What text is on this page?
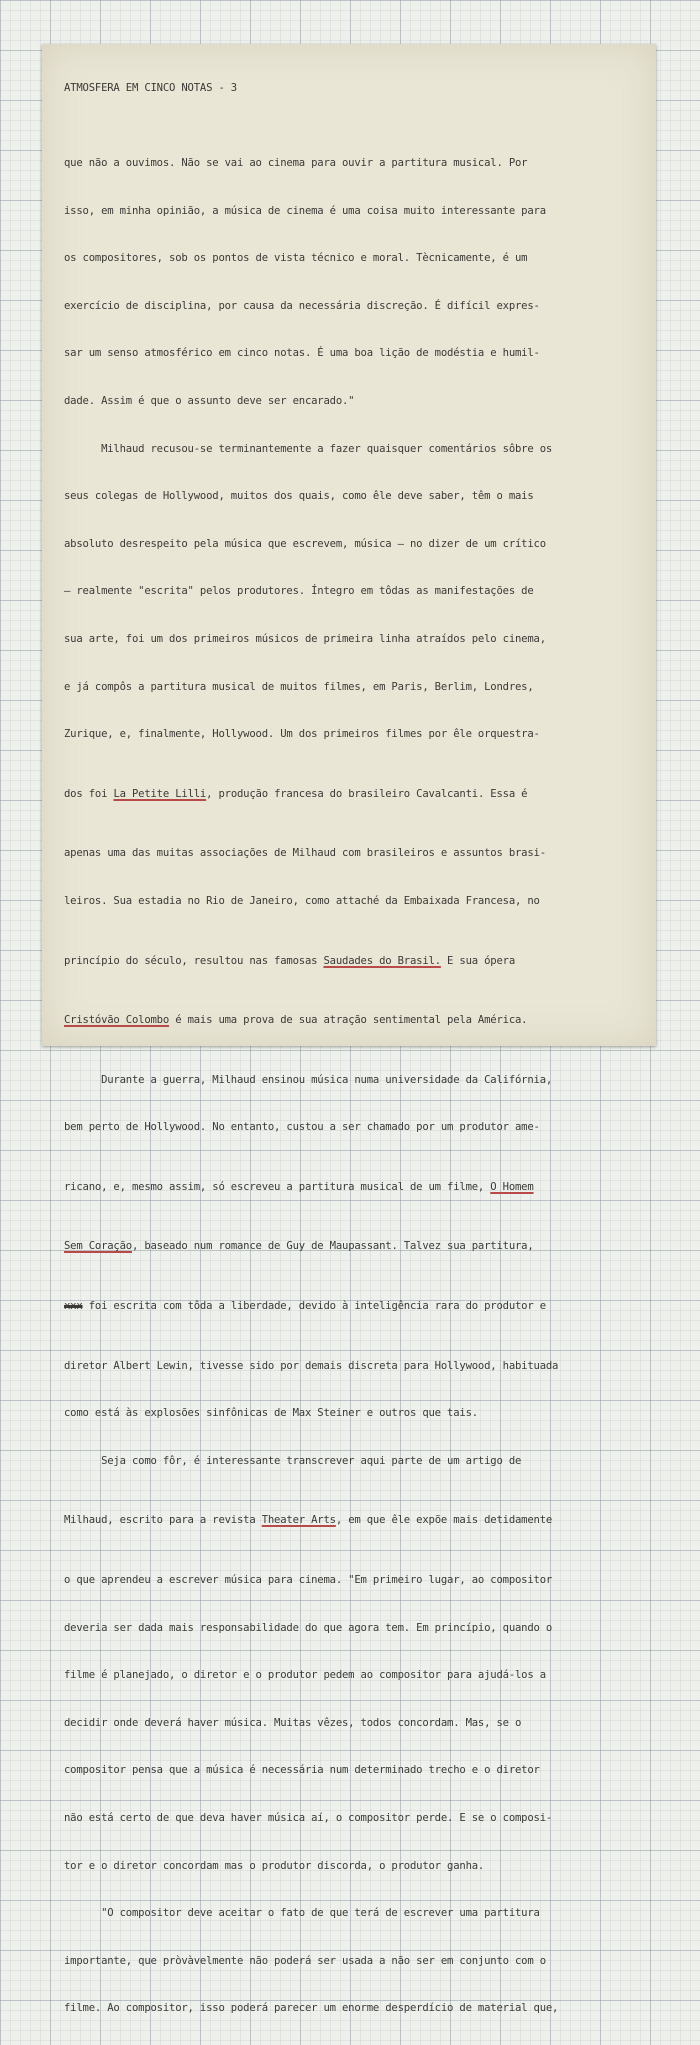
ATMOSFERA EM CINCO NOTAS - 3

que não a ouvimos. Não se vai ao cinema para ouvir a partitura musical. Por

isso, em minha opinião, a música de cinema é uma coisa muito interessante para

os compositores, sob os pontos de vista técnico e moral. Tècnicamente, é um

exercício de disciplina, por causa da necessária discreção. É difícil expres-

sar um senso atmosférico em cinco notas. É uma boa lição de modéstia e humil-

dade. Assim é que o assunto deve ser encarado."

Milhaud recusou-se terminantemente a fazer quaisquer comentários sôbre os

seus colegas de Hollywood, muitos dos quais, como êle deve saber, têm o mais

absoluto desrespeito pela música que escrevem, música — no dizer de um crítico

— realmente "escrita" pelos produtores. Íntegro em tôdas as manifestações de

sua arte, foi um dos primeiros músicos de primeira linha atraídos pelo cinema,

e já compôs a partitura musical de muitos filmes, em Paris, Berlim, Londres,

Zurique, e, finalmente, Hollywood. Um dos primeiros filmes por êle orquestra-

dos foi La Petite Lilli, produção francesa do brasileiro Cavalcanti. Essa é

apenas uma das muitas associações de Milhaud com brasileiros e assuntos brasi-

leiros. Sua estadia no Rio de Janeiro, como attaché da Embaixada Francesa, no

princípio do século, resultou nas famosas Saudades do Brasil. E sua ópera

Cristóvão Colombo é mais uma prova de sua atração sentimental pela América.

Durante a guerra, Milhaud ensinou música numa universidade da Califórnia,

bem perto de Hollywood. No entanto, custou a ser chamado por um produtor ame-

ricano, e, mesmo assim, só escreveu a partitura musical de um filme, O Homem

Sem Coração, baseado num romance de Guy de Maupassant. Talvez sua partitura,

xxx foi escrita com tôda a liberdade, devido à inteligência rara do produtor e

diretor Albert Lewin, tivesse sido por demais discreta para Hollywood, habituada

como está às explosões sinfônicas de Max Steiner e outros que tais.

Seja como fôr, é interessante transcrever aqui parte de um artigo de

Milhaud, escrito para a revista Theater Arts, em que êle expõe mais detidamente

o que aprendeu a escrever música para cinema. "Em primeiro lugar, ao compositor

deveria ser dada mais responsabilidade do que agora tem. Em princípio, quando o

filme é planejado, o diretor e o produtor pedem ao compositor para ajudá-los a

decidir onde deverá haver música. Muitas vêzes, todos concordam. Mas, se o

compositor pensa que a música é necessária num determinado trecho e o diretor

não está certo de que deva haver música aí, o compositor perde. E se o composi-

tor e o diretor concordam mas o produtor discorda, o produtor ganha.

"O compositor deve aceitar o fato de que terá de escrever uma partitura

importante, que pròvàvelmente não poderá ser usada a não ser em conjunto com o

filme. Ao compositor, isso poderá parecer um enorme desperdício de material que,
